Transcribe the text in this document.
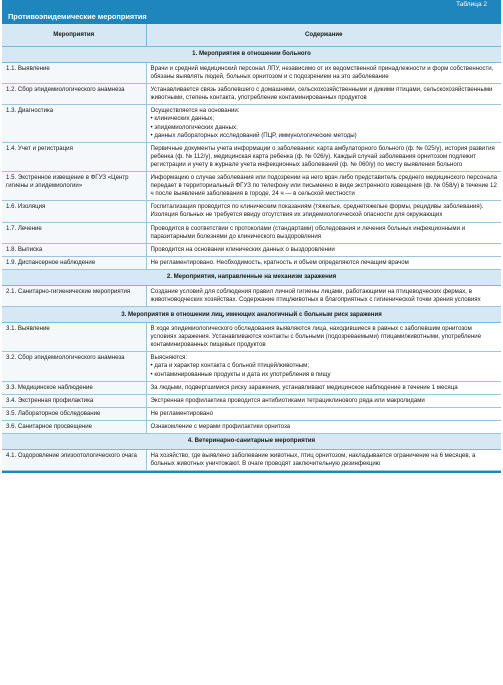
Таблица 2
Противоэпидемические мероприятия
Мероприятия	Содержание
1. Мероприятия в отношении больного	
1.1. Выявление	Врачи и средний медицинский персонал ЛПУ, независимо от их ведомственной принадлежности и форм собственности, обязаны выявлять людей, больных орнитозом и с подозрением на это заболевание
1.2. Сбор эпидемиологического анамнеза	Устанавливается связь заболевшего с домашними, сельскохозяйственными и дикими птицами, сельскохозяйственными животными, степень контакта, употребление контаминированных продуктов
1.3. Диагностика	Осуществляется на основании:
• клинических данных;
• эпидемиологических данных;
• данных лабораторных исследований (ПЦР, иммунологические методы)
1.4. Учет и регистрация	Первичные документы учета информации о заболевании: карта амбулаторного больного (ф. № 025/у), история развития ребенка (ф. № 112/у), медицинская карта ребенка (ф. № 026/у). Каждый случай заболевания орнитозом подлежит регистрации и учету в журнале учета инфекционных заболеваний (ф. № 060/у) по месту выявления больного
1.5. Экстренное извещение в ФГУЗ «Центр гигиены и эпидемиологии»	Информацию о случае заболевания или подозрении на него врач либо представитель среднего медицинского персонала передает в территориальный ФГУЗ по телефону или письменно в виде экстренного извещения (ф. № 058/у) в течение 12 ч после выявления заболевания в городе, 24 ч — в сельской местности
1.6. Изоляция	Госпитализация проводится по клиническим показаниям (тяжелые, среднетяжелые формы, рецидивы заболевания). Изоляция больных не требуется ввиду отсутствия их эпидемиологической опасности для окружающих
1.7. Лечение	Проводится в соответствии с протоколами (стандартами) обследования и лечения больных инфекционными и паразитарными болезнями до клинического выздоровления
1.8. Выписка	Проводится на основании клинических данных о выздоровлении
1.9. Диспансерное наблюдение	Не регламентировано. Необходимость, кратность и объем определяются лечащим врачом
2. Мероприятия, направленные на механизм заражения	
2.1. Санитарно-гигиенические мероприятия	Создание условий для соблюдения правил личной гигиены лицами, работающими на птицеводческих фермах, в животноводческих хозяйствах. Содержание птиц/животных в благоприятных с гигиенической точки зрения условиях
3. Мероприятия в отношении лиц, имеющих аналогичный с больным риск заражения	
3.1. Выявление	В ходе эпидемиологического обследования выявляются лица, находившиеся в равных с заболевшим орнитозом условиях заражения. Устанавливаются контакты с больными (подозреваемыми) птицами/животными, употребление контаминированных пищевых продуктов
3.2. Сбор эпидемиологического анамнеза	Выясняются:
• дата и характер контакта с больной птицей/животным;
• контаминированные продукты и дата их употребления в пищу
3.3. Медицинское наблюдение	За людьми, подвергшимися риску заражения, устанавливают медицинское наблюдение в течение 1 месяца
3.4. Экстренная профилактика	Экстренная профилактика проводится антибиотиками тетрациклинового ряда или макролидами
3.5. Лабораторное обследование	Не регламентировано
3.6. Санитарное просвещение	Ознакомление с мерами профилактики орнитоза
4. Ветеринарно-санитарные мероприятия	
4.1. Оздоровление эпизоотологического очага	На хозяйство, где выявлено заболевание животных, птиц орнитозом, накладывается ограничение на 6 месяцев, а больных животных уничтожают. В очаге проводят заключительную дезинфекцию
